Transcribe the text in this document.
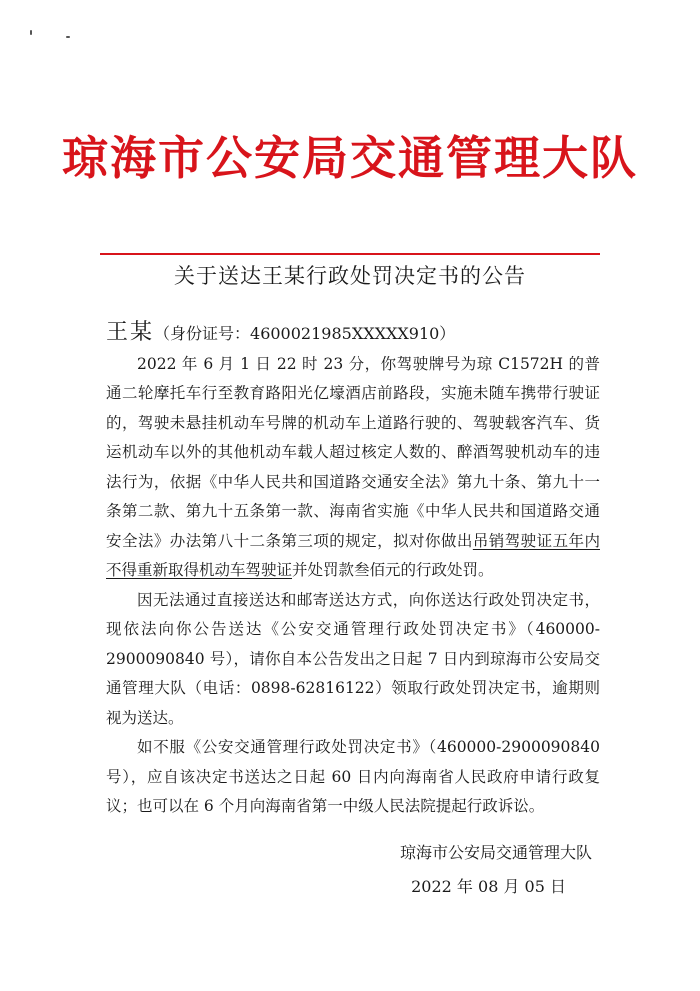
琼海市公安局交通管理大队
关于送达王某行政处罚决定书的公告

王某（身份证号：4600021985XXXXX910）

2022 年 6 月 1 日 22 时 23 分，你驾驶牌号为琼 C1572H 的普通二轮摩托车行至教育路阳光亿壕酒店前路段，实施未随车携带行驶证的，驾驶未悬挂机动车号牌的机动车上道路行驶的、驾驶载客汽车、货运机动车以外的其他机动车载人超过核定人数的、醉酒驾驶机动车的违法行为，依据《中华人民共和国道路交通安全法》第九十条、第九十一条第二款、第九十五条第一款、海南省实施《中华人民共和国道路交通安全法》办法第八十二条第三项的规定，拟对你做出吊销驾驶证五年内不得重新取得机动车驾驶证并处罚款叁佰元的行政处罚。

因无法通过直接送达和邮寄送达方式，向你送达行政处罚决定书，现依法向你公告送达《公安交通管理行政处罚决定书》（460000-2900090840 号），请你自本公告发出之日起 7 日内到琼海市公安局交通管理大队（电话：0898-62816122）领取行政处罚决定书，逾期则视为送达。

如不服《公安交通管理行政处罚决定书》（460000-2900090840 号），应自该决定书送达之日起 60 日内向海南省人民政府申请行政复议；也可以在 6 个月向海南省第一中级人民法院提起行政诉讼。

琼海市公安局交通管理大队
2022 年 08 月 05 日
